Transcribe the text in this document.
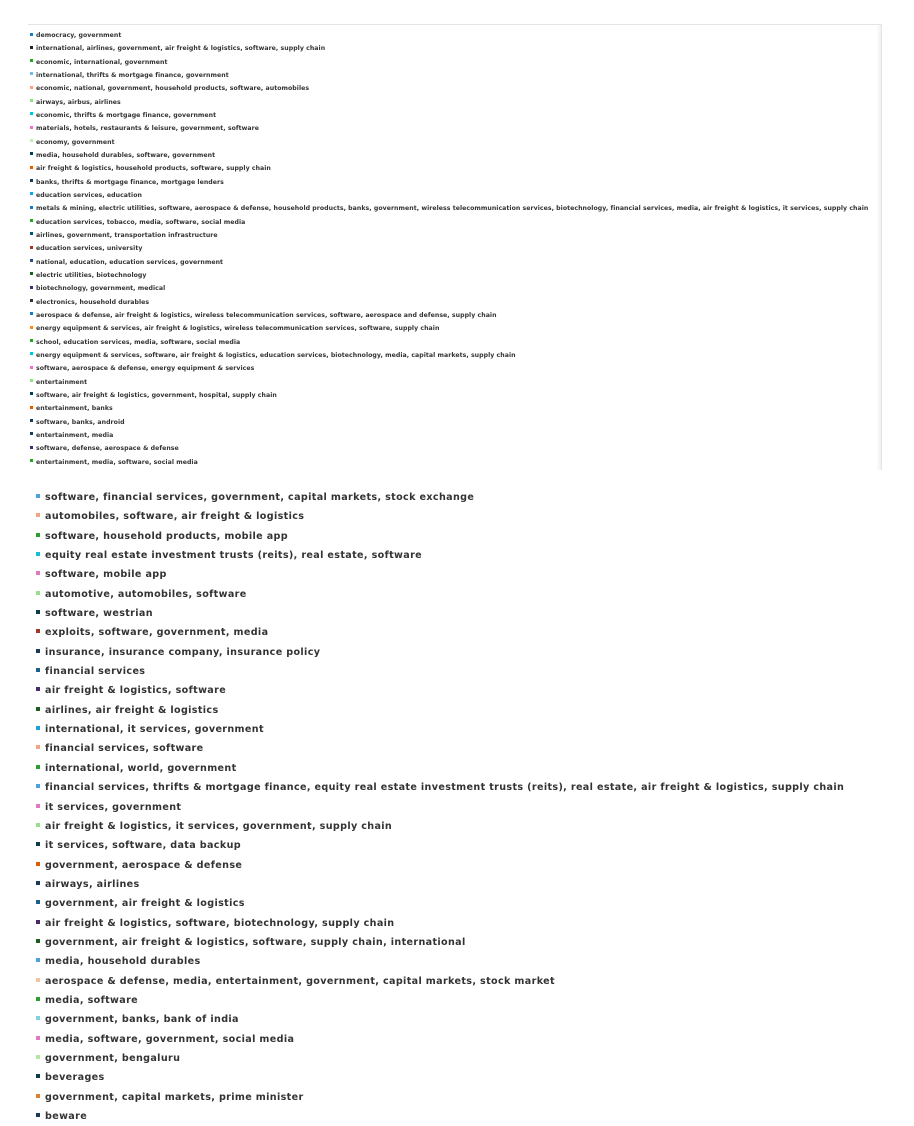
democracy, government
international, airlines, government, air freight & logistics, software, supply chain
economic, international, government
international, thrifts & mortgage finance, government
economic, national, government, household products, software, automobiles
airways, airbus, airlines
economic, thrifts & mortgage finance, government
materials, hotels, restaurants & leisure, government, software
economy, government
media, household durables, software, government
air freight & logistics, household products, software, supply chain
banks, thrifts & mortgage finance, mortgage lenders
education services, education
metals & mining, electric utilities, software, aerospace & defense, household products, banks, government, wireless telecommunication services, biotechnology, financial services, media, air freight & logistics, it services, supply chain
education services, tobacco, media, software, social media
airlines, government, transportation infrastructure
education services, university
national, education, education services, government
electric utilities, biotechnology
biotechnology, government, medical
electronics, household durables
aerospace & defense, air freight & logistics, wireless telecommunication services, software, aerospace and defense, supply chain
energy equipment & services, air freight & logistics, wireless telecommunication services, software, supply chain
school, education services, media, software, social media
energy equipment & services, software, air freight & logistics, education services, biotechnology, media, capital markets, supply chain
software, aerospace & defense, energy equipment & services
entertainment
software, air freight & logistics, government, hospital, supply chain
entertainment, banks
software, banks, android
entertainment, media
software, defense, aerospace & defense
entertainment, media, software, social media
software, financial services, government, capital markets, stock exchange
automobiles, software, air freight & logistics
software, household products, mobile app
equity real estate investment trusts (reits), real estate, software
software, mobile app
automotive, automobiles, software
software, westrian
exploits, software, government, media
insurance, insurance company, insurance policy
financial services
air freight & logistics, software
airlines, air freight & logistics
international, it services, government
financial services, software
international, world, government
financial services, thrifts & mortgage finance, equity real estate investment trusts (reits), real estate, air freight & logistics, supply chain
it services, government
air freight & logistics, it services, government, supply chain
it services, software, data backup
government, aerospace & defense
airways, airlines
government, air freight & logistics
air freight & logistics, software, biotechnology, supply chain
government, air freight & logistics, software, supply chain, international
media, household durables
aerospace & defense, media, entertainment, government, capital markets, stock market
media, software
government, banks, bank of india
media, software, government, social media
government, bengaluru
beverages
government, capital markets, prime minister
beware
